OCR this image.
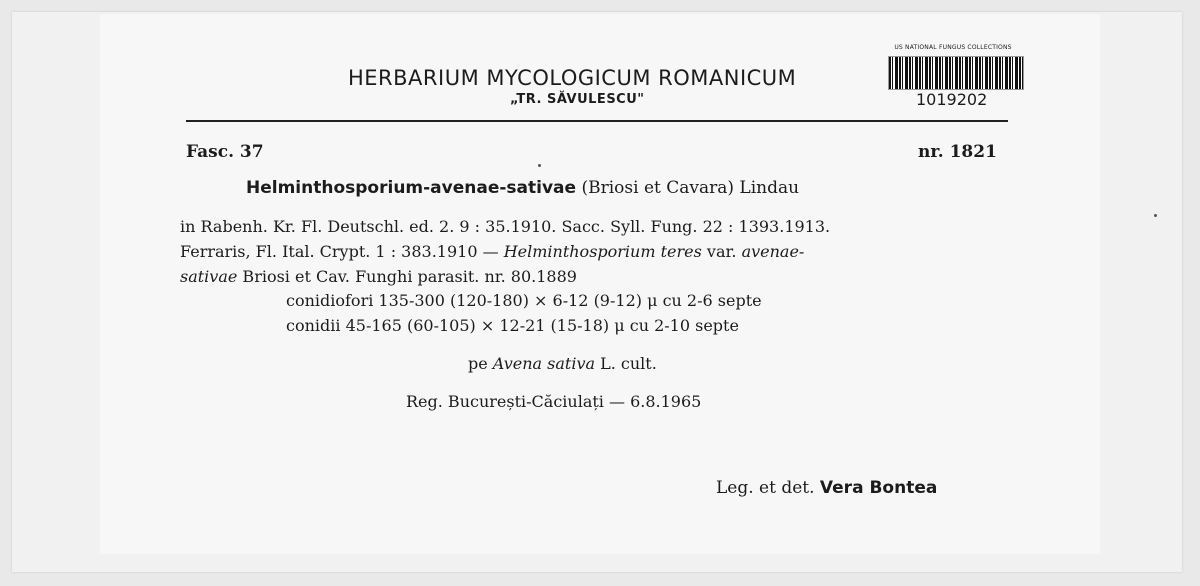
HERBARIUM MYCOLOGICUM ROMANICUM
„TR. SĂVULESCU"
US NATIONAL FUNGUS COLLECTIONS
1019202
Fasc. 37	nr. 1821
Helminthosporium-avenae-sativae (Briosi et Cavara) Lindau
in Rabenh. Kr. Fl. Deutschl. ed. 2. 9 : 35.1910. Sacc. Syll. Fung. 22 : 1393.1913.
Ferraris, Fl. Ital. Crypt. 1 : 383.1910 — Helminthosporium teres var. avenae-
sativae Briosi et Cav. Funghi parasit. nr. 80.1889
conidiofori 135-300 (120-180) × 6-12 (9-12) μ cu 2-6 septe
conidii 45-165 (60-105) × 12-21 (15-18) μ cu 2-10 septe
pe Avena sativa L. cult.
Reg. București-Căciulați — 6.8.1965
Leg. et det. Vera Bontea
